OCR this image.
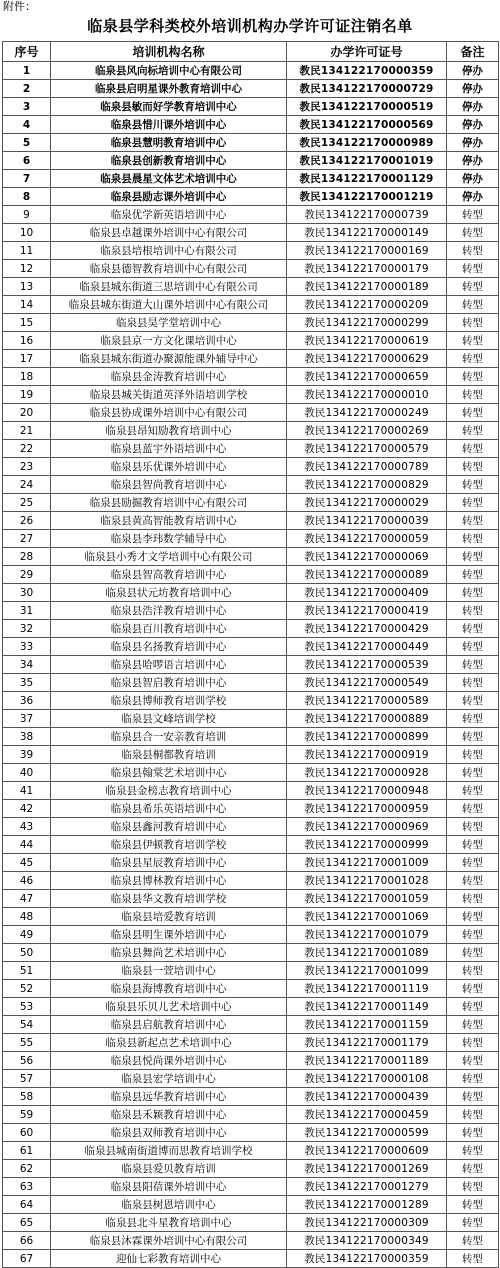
附件：
临泉县学科类校外培训机构办学许可证注销名单
序号	培训机构名称	办学许可证号	备注
1	临泉县风向标培训中心有限公司	教民134122170000359	停办
2	临泉县启明星课外教育培训中心	教民134122170000729	停办
3	临泉县敏而好学教育培训中心	教民134122170000519	停办
4	临泉县惜川课外培训中心	教民134122170000569	停办
5	临泉县慧明教育培训中心	教民134122170000989	停办
6	临泉县创新教育培训中心	教民134122170001019	停办
7	临泉县晨星文体艺术培训中心	教民134122170001129	停办
8	临泉县励志课外培训中心	教民134122170001219	停办
9	临泉优学新英语培训中心	教民134122170000739	转型
10	临泉县卓越课外培训中心有限公司	教民134122170000149	转型
11	临泉县培根培训中心有限公司	教民134122170000169	转型
12	临泉县德智教育培训中心有限公司	教民134122170000179	转型
13	临泉县城东街道三思培训中心有限公司	教民134122170000189	转型
14	临泉县城东街道大山课外培训中心有限公司	教民134122170000209	转型
15	临泉县昊学堂培训中心	教民134122170000299	转型
16	临泉县京一方文化课培训中心	教民134122170000619	转型
17	临泉县城东街道办聚源能课外辅导中心	教民134122170000629	转型
18	临泉县金涛教育培训中心	教民134122170000659	转型
19	临泉县城关街道英泽外语培训学校	教民134122170000010	转型
20	临泉县协成课外培训中心有限公司	教民134122170000249	转型
21	临泉县昂知励教育培训中心	教民134122170000269	转型
22	临泉县蓝宇外语培训中心	教民134122170000579	转型
23	临泉县乐优课外培训中心	教民134122170000789	转型
24	临泉县智尚教育培训中心	教民134122170000829	转型
25	临泉县励掘教育培训中心有限公司	教民134122170000029	转型
26	临泉县黄高智能教育培训中心	教民134122170000039	转型
27	临泉县李玮数学辅导中心	教民134122170000059	转型
28	临泉县小秀才文学培训中心有限公司	教民134122170000069	转型
29	临泉县智高教育培训中心	教民134122170000089	转型
30	临泉县状元坊教育培训中心	教民134122170000409	转型
31	临泉县浩洋教育培训中心	教民134122170000419	转型
32	临泉县百川教育培训中心	教民134122170000429	转型
33	临泉县名扬教育培训中心	教民134122170000449	转型
34	临泉县哈啰语言培训中心	教民134122170000539	转型
35	临泉县智启教育培训中心	教民134122170000549	转型
36	临泉县博师教育培训学校	教民134122170000589	转型
37	临泉县文峰培训学校	教民134122170000889	转型
38	临泉县合一安亲教育培训	教民134122170000899	转型
39	临泉县桐都教育培训	教民134122170000919	转型
40	临泉县翰棠艺术培训中心	教民134122170000928	转型
41	临泉县金榜志教育培训中心	教民134122170000948	转型
42	临泉县希乐英语培训中心	教民134122170000959	转型
43	临泉县鑫河教育培训中心	教民134122170000969	转型
44	临泉县伊顿教育培训学校	教民134122170000999	转型
45	临泉县星辰教育培训中心	教民134122170001009	转型
46	临泉县博林教育培训中心	教民134122170001028	转型
47	临泉县华文教育培训学校	教民134122170001059	转型
48	临泉县培爱教育培训	教民134122170001069	转型
49	临泉县明生课外培训中心	教民134122170001079	转型
50	临泉县舞尚艺术培训中心	教民134122170001089	转型
51	临泉县一萱培训中心	教民134122170001099	转型
52	临泉县海博教育培训中心	教民134122170001119	转型
53	临泉县乐贝儿艺术培训中心	教民134122170001149	转型
54	临泉县启航教育培训中心	教民134122170001159	转型
55	临泉县新起点艺术培训中心	教民134122170001179	转型
56	临泉县悦尚课外培训中心	教民134122170001189	转型
57	临泉县宏学培训中心	教民134122170000108	转型
58	临泉县远华教育培训中心	教民134122170000439	转型
59	临泉县禾颖教育培训中心	教民134122170000459	转型
60	临泉县双师教育培训中心	教民134122170000599	转型
61	临泉县城南街道博而思教育培训学校	教民134122170000609	转型
62	临泉县爱贝教育培训	教民134122170001269	转型
63	临泉县阳蓓课外培训中心	教民134122170001279	转型
64	临泉县树恩培训中心	教民134122170001289	转型
65	临泉县北斗星教育培训中心	教民134122170000309	转型
66	临泉县沐霖课外培训中心有限公司	教民134122170000349	转型
67	迎仙七彩教育培训中心	教民134122170000359	转型
